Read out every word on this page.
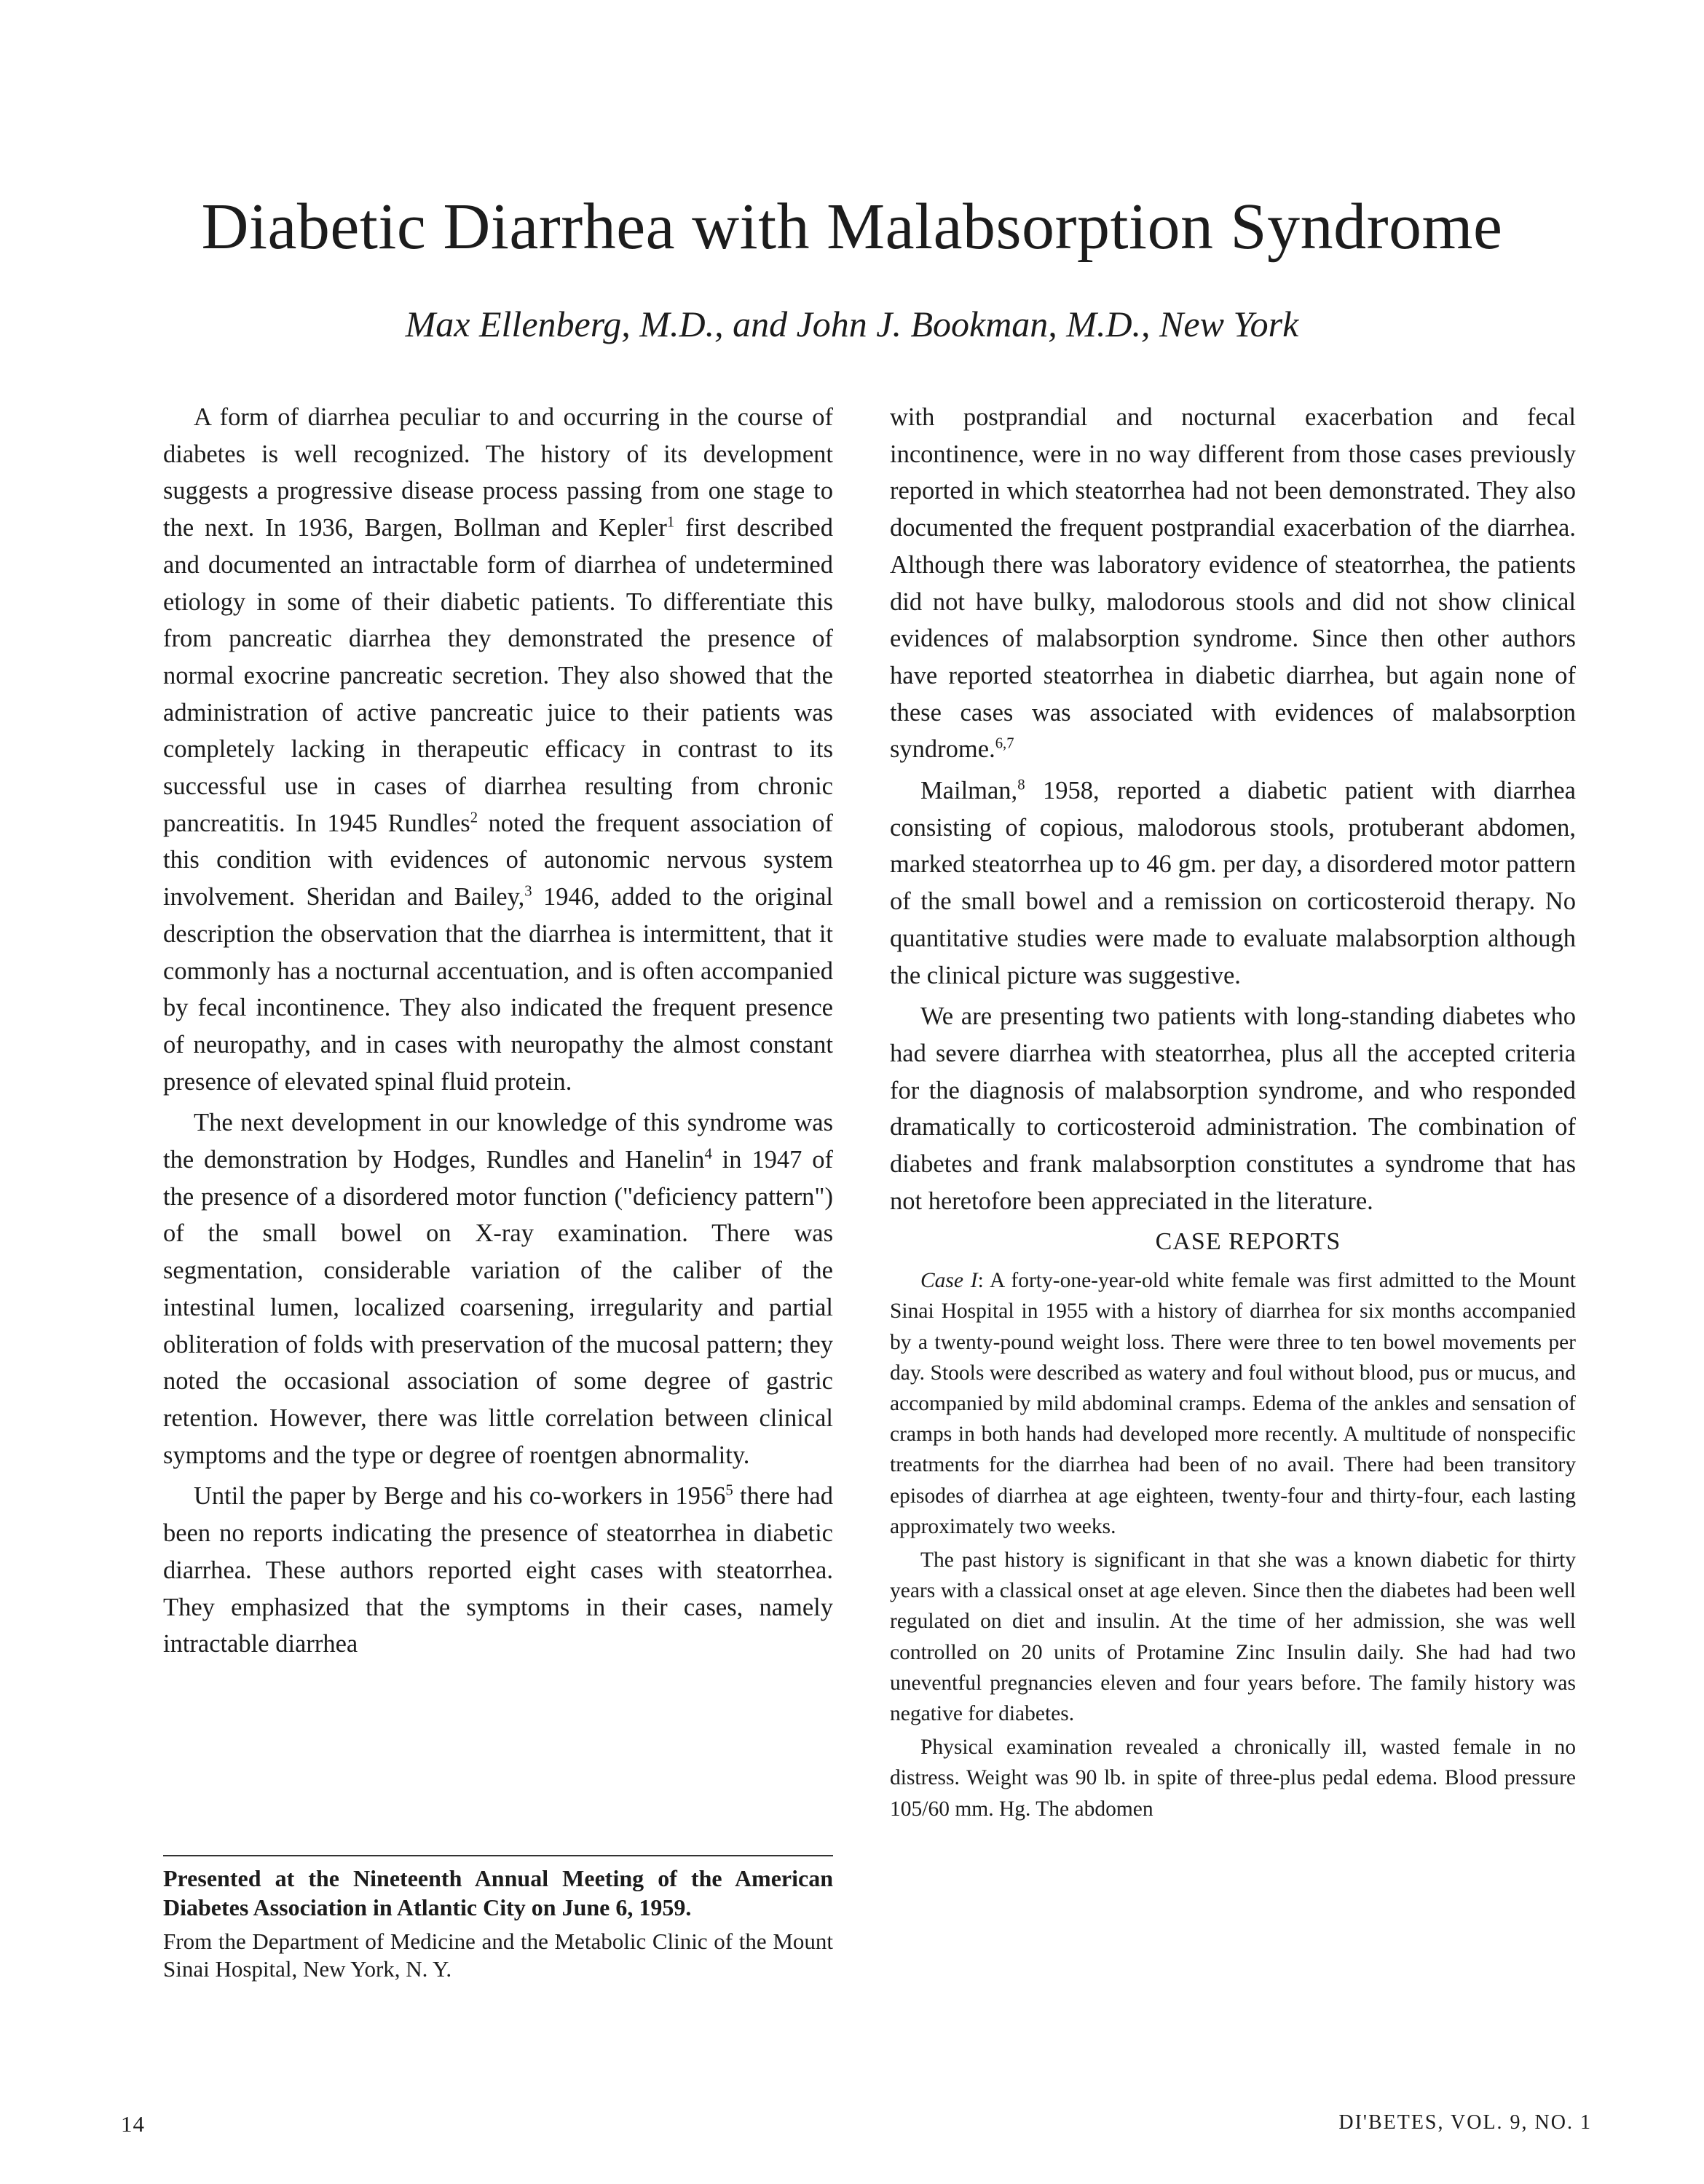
Diabetic Diarrhea with Malabsorption Syndrome
Max Ellenberg, M.D., and John J. Bookman, M.D., New York

A form of diarrhea peculiar to and occurring in the course of diabetes is well recognized. The history of its development suggests a progressive disease process passing from one stage to the next. In 1936, Bargen, Bollman and Kepler$^1$ first described and documented an intractable form of diarrhea of undetermined etiology in some of their diabetic patients. To differentiate this from pancreatic diarrhea they demonstrated the presence of normal exocrine pancreatic secretion. They also showed that the administration of active pancreatic juice to their patients was completely lacking in therapeutic efficacy in contrast to its successful use in cases of diarrhea resulting from chronic pancreatitis. In 1945 Rundles$^2$ noted the frequent association of this condition with evidences of autonomic nervous system involvement. Sheridan and Bailey,$^3$ 1946, added to the original description the observation that the diarrhea is intermittent, that it commonly has a nocturnal accentuation, and is often accompanied by fecal incontinence. They also indicated the frequent presence of neuropathy, and in cases with neuropathy the almost constant presence of elevated spinal fluid protein.

The next development in our knowledge of this syndrome was the demonstration by Hodges, Rundles and Hanelin$^4$ in 1947 of the presence of a disordered motor function ("deficiency pattern") of the small bowel on X-ray examination. There was segmentation, considerable variation of the caliber of the intestinal lumen, localized coarsening, irregularity and partial obliteration of folds with preservation of the mucosal pattern; they noted the occasional association of some degree of gastric retention. However, there was little correlation between clinical symptoms and the type or degree of roentgen abnormality.

Until the paper by Berge and his co-workers in 1956$^5$ there had been no reports indicating the presence of steatorrhea in diabetic diarrhea. These authors reported eight cases with steatorrhea. They emphasized that the symptoms in their cases, namely intractable diarrhea

Presented at the Nineteenth Annual Meeting of the American Diabetes Association in Atlantic City on June 6, 1959.

From the Department of Medicine and the Metabolic Clinic of the Mount Sinai Hospital, New York, N. Y.

with postprandial and nocturnal exacerbation and fecal incontinence, were in no way different from those cases previously reported in which steatorrhea had not been demonstrated. They also documented the frequent postprandial exacerbation of the diarrhea. Although there was laboratory evidence of steatorrhea, the patients did not have bulky, malodorous stools and did not show clinical evidences of malabsorption syndrome. Since then other authors have reported steatorrhea in diabetic diarrhea, but again none of these cases was associated with evidences of malabsorption syndrome.$^{6,7}$

Mailman,$^8$ 1958, reported a diabetic patient with diarrhea consisting of copious, malodorous stools, protuberant abdomen, marked steatorrhea up to 46 gm. per day, a disordered motor pattern of the small bowel and a remission on corticosteroid therapy. No quantitative studies were made to evaluate malabsorption although the clinical picture was suggestive.

We are presenting two patients with long-standing diabetes who had severe diarrhea with steatorrhea, plus all the accepted criteria for the diagnosis of malabsorption syndrome, and who responded dramatically to corticosteroid administration. The combination of diabetes and frank malabsorption constitutes a syndrome that has not heretofore been appreciated in the literature.

CASE REPORTS

Case I: A forty-one-year-old white female was first admitted to the Mount Sinai Hospital in 1955 with a history of diarrhea for six months accompanied by a twenty-pound weight loss. There were three to ten bowel movements per day. Stools were described as watery and foul without blood, pus or mucus, and accompanied by mild abdominal cramps. Edema of the ankles and sensation of cramps in both hands had developed more recently. A multitude of nonspecific treatments for the diarrhea had been of no avail. There had been transitory episodes of diarrhea at age eighteen, twenty-four and thirty-four, each lasting approximately two weeks.

The past history is significant in that she was a known diabetic for thirty years with a classical onset at age eleven. Since then the diabetes had been well regulated on diet and insulin. At the time of her admission, she was well controlled on 20 units of Protamine Zinc Insulin daily. She had had two uneventful pregnancies eleven and four years before. The family history was negative for diabetes.

Physical examination revealed a chronically ill, wasted female in no distress. Weight was 90 lb. in spite of three-plus pedal edema. Blood pressure 105/60 mm. Hg. The abdomen

14	DI'BETES, VOL. 9, NO. 1
